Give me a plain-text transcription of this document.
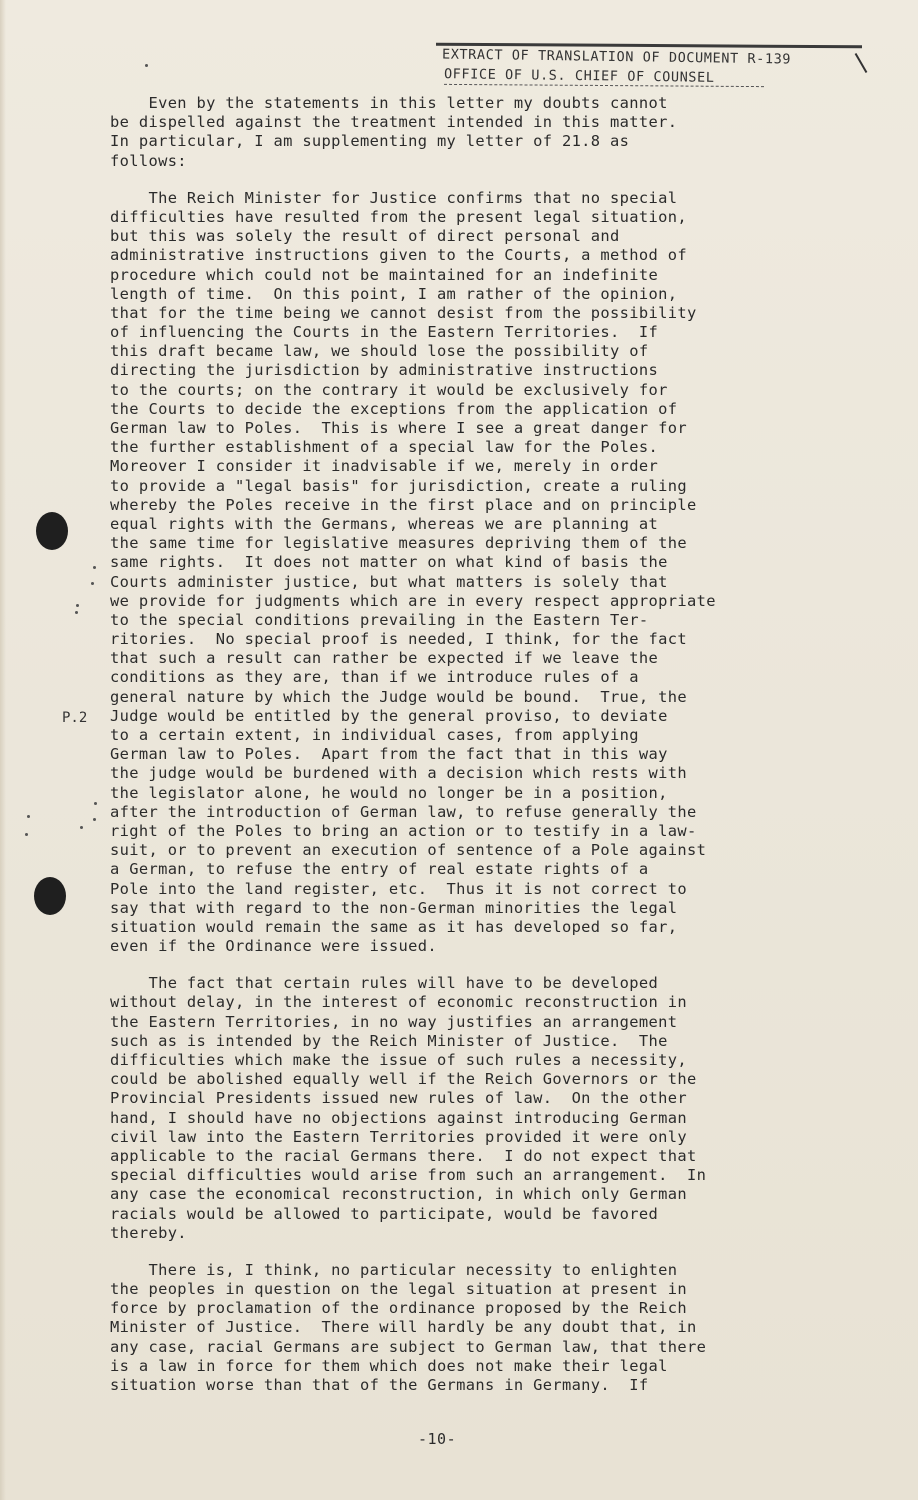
EXTRACT OF TRANSLATION OF DOCUMENT R-139
OFFICE OF U.S. CHIEF OF COUNSEL
P.2
Even by the statements in this letter my doubts cannot
be dispelled against the treatment intended in this matter.
In particular, I am supplementing my letter of 21.8 as
follows:
The Reich Minister for Justice confirms that no special
difficulties have resulted from the present legal situation,
but this was solely the result of direct personal and
administrative instructions given to the Courts, a method of
procedure which could not be maintained for an indefinite
length of time.  On this point, I am rather of the opinion,
that for the time being we cannot desist from the possibility
of influencing the Courts in the Eastern Territories.  If
this draft became law, we should lose the possibility of
directing the jurisdiction by administrative instructions
to the courts; on the contrary it would be exclusively for
the Courts to decide the exceptions from the application of
German law to Poles.  This is where I see a great danger for
the further establishment of a special law for the Poles.
Moreover I consider it inadvisable if we, merely in order
to provide a "legal basis" for jurisdiction, create a ruling
whereby the Poles receive in the first place and on principle
equal rights with the Germans, whereas we are planning at
the same time for legislative measures depriving them of the
same rights.  It does not matter on what kind of basis the
Courts administer justice, but what matters is solely that
we provide for judgments which are in every respect appropriate
to the special conditions prevailing in the Eastern Ter-
ritories.  No special proof is needed, I think, for the fact
that such a result can rather be expected if we leave the
conditions as they are, than if we introduce rules of a
general nature by which the Judge would be bound.  True, the
Judge would be entitled by the general proviso, to deviate
to a certain extent, in individual cases, from applying
German law to Poles.  Apart from the fact that in this way
the judge would be burdened with a decision which rests with
the legislator alone, he would no longer be in a position,
after the introduction of German law, to refuse generally the
right of the Poles to bring an action or to testify in a law-
suit, or to prevent an execution of sentence of a Pole against
a German, to refuse the entry of real estate rights of a
Pole into the land register, etc.  Thus it is not correct to
say that with regard to the non-German minorities the legal
situation would remain the same as it has developed so far,
even if the Ordinance were issued.
The fact that certain rules will have to be developed
without delay, in the interest of economic reconstruction in
the Eastern Territories, in no way justifies an arrangement
such as is intended by the Reich Minister of Justice.  The
difficulties which make the issue of such rules a necessity,
could be abolished equally well if the Reich Governors or the
Provincial Presidents issued new rules of law.  On the other
hand, I should have no objections against introducing German
civil law into the Eastern Territories provided it were only
applicable to the racial Germans there.  I do not expect that
special difficulties would arise from such an arrangement.  In
any case the economical reconstruction, in which only German
racials would be allowed to participate, would be favored
thereby.
There is, I think, no particular necessity to enlighten
the peoples in question on the legal situation at present in
force by proclamation of the ordinance proposed by the Reich
Minister of Justice.  There will hardly be any doubt that, in
any case, racial Germans are subject to German law, that there
is a law in force for them which does not make their legal
situation worse than that of the Germans in Germany.  If
-10-
